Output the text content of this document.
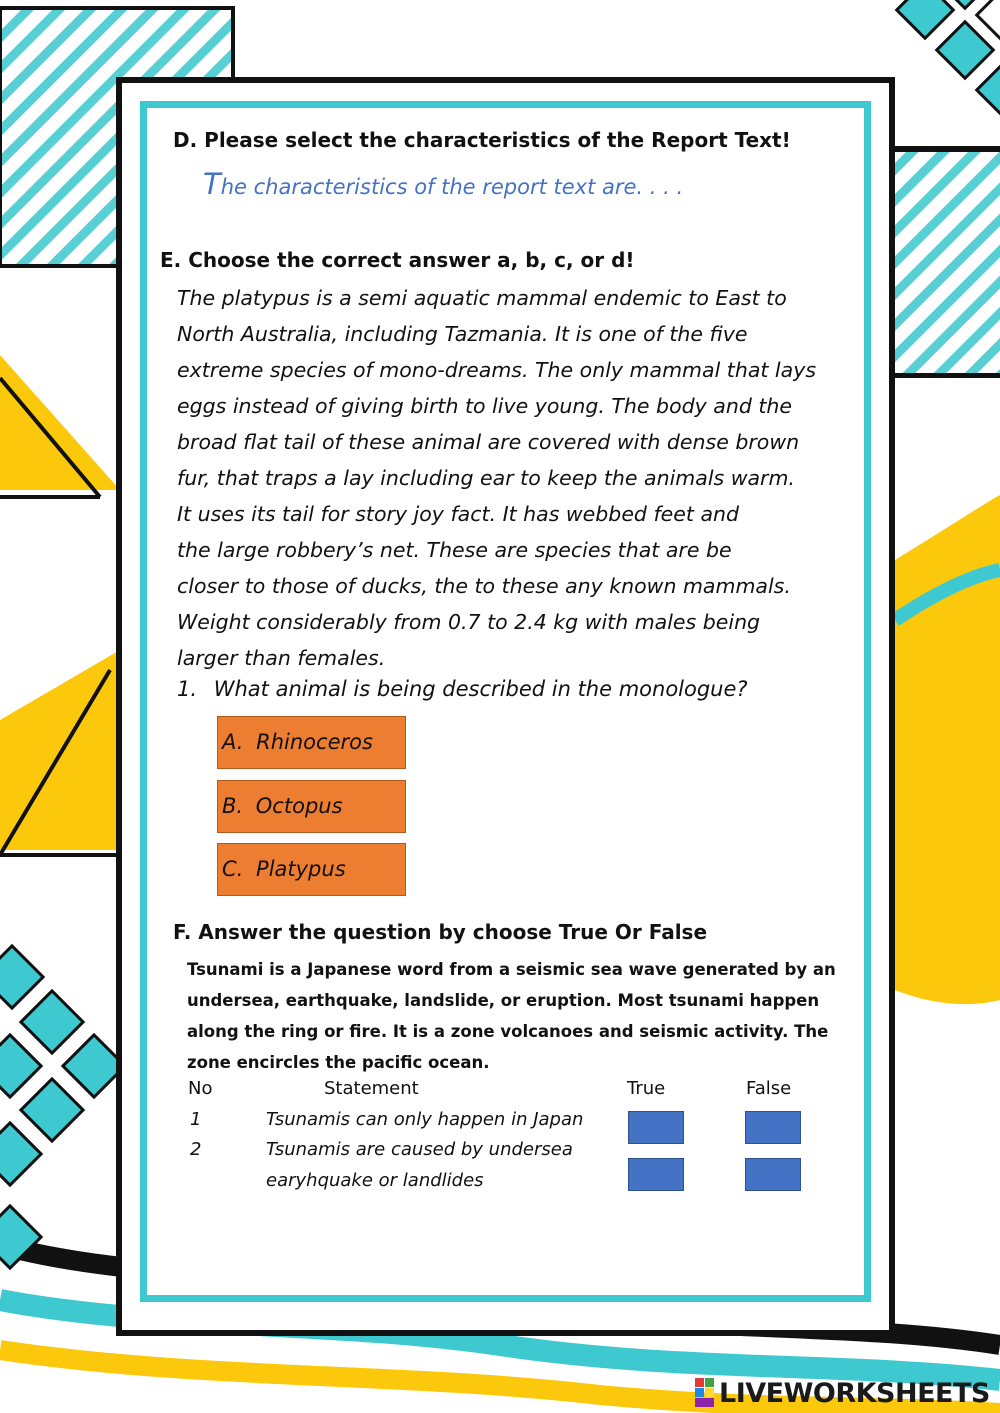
D. Please select the characteristics of the Report Text!
The characteristics of the report text are. . . .
E. Choose the correct answer a, b, c, or d!
The platypus is a semi aquatic mammal endemic to East to
North Australia, including Tazmania. It is one of the five
extreme species of mono-dreams. The only mammal that lays
eggs instead of giving birth to live young. The body and the
broad flat tail of these animal are covered with dense brown
fur, that traps a lay including ear to keep the animals warm.
It uses its tail for story joy fact. It has webbed feet and
the large robbery’s net. These are species that are be
closer to those of ducks, the to these any known mammals.
Weight considerably from 0.7 to 2.4 kg with males being
larger than females.
1. What animal is being described in the monologue?
A. Rhinoceros
B. Octopus
C. Platypus
F. Answer the question by choose True Or False
Tsunami is a Japanese word from a seismic sea wave generated by an
undersea, earthquake, landslide, or eruption. Most tsunami happen
along the ring or fire. It is a zone volcanoes and seismic activity. The
zone encircles the pacific ocean.
No	Statement	True	False
1	Tsunamis can only happen in Japan
2	Tsunamis are caused by undersea
earyhquake or landlides
LIVEWORKSHEETS
